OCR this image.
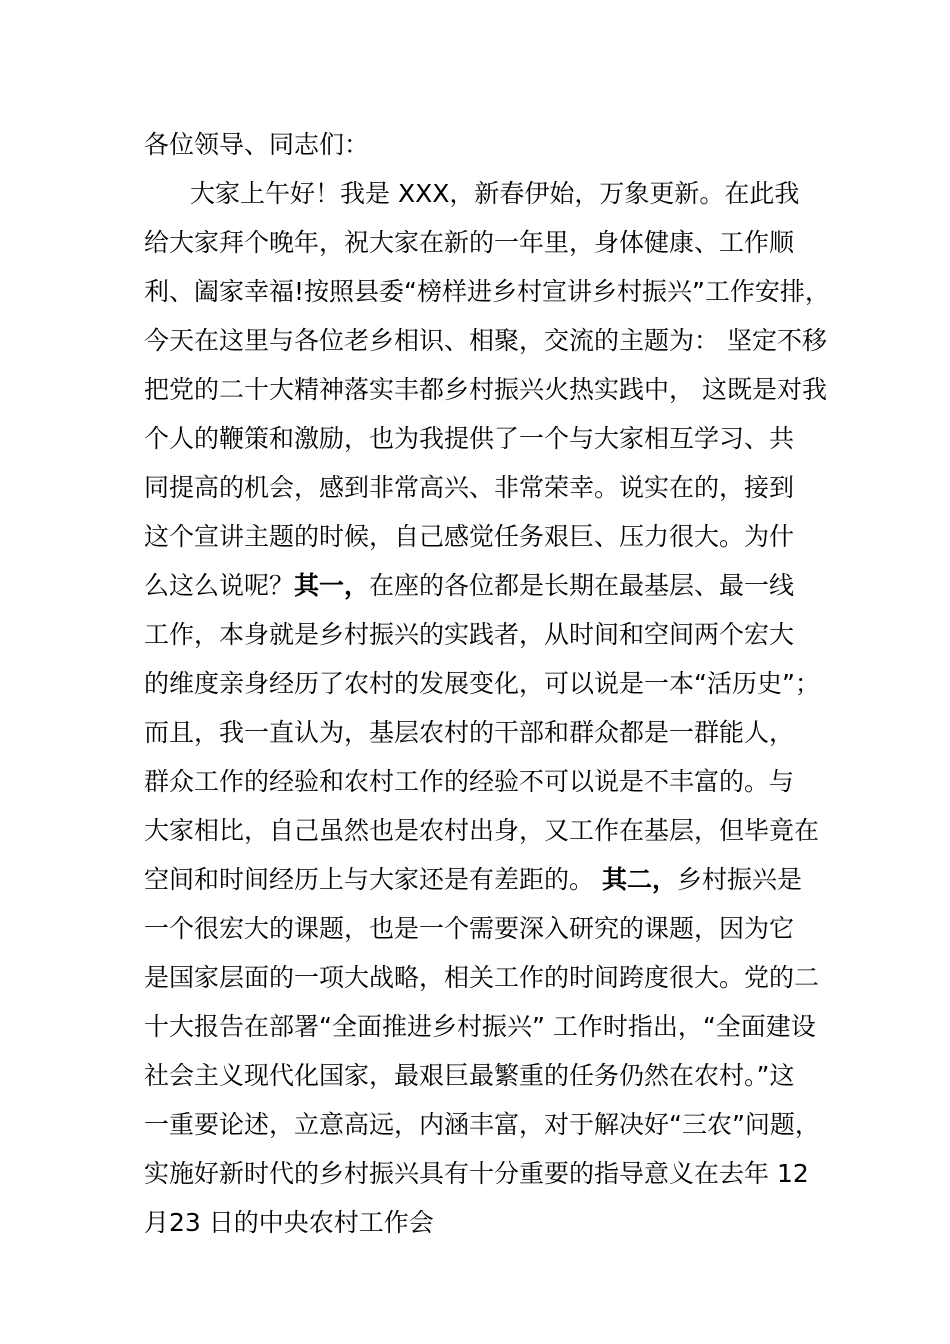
各位领导、同志们：
大家上午好！我是 XXX，新春伊始，万象更新。在此我
给大家拜个晚年，祝大家在新的一年里，身体健康、工作顺
利、阖家幸福!按照县委“榜样进乡村宣讲乡村振兴”工作安排，
今天在这里与各位老乡相识、相聚，交流的主题为： 坚定不移
把党的二十大精神落实丰都乡村振兴火热实践中， 这既是对我
个人的鞭策和激励，也为我提供了一个与大家相互学习、共
同提高的机会，感到非常高兴、非常荣幸。说实在的，接到
这个宣讲主题的时候，自己感觉任务艰巨、压力很大。为什
么这么说呢？其一，在座的各位都是长期在最基层、最一线
工作，本身就是乡村振兴的实践者，从时间和空间两个宏大
的维度亲身经历了农村的发展变化，可以说是一本“活历史”；
而且，我一直认为，基层农村的干部和群众都是一群能人，
群众工作的经验和农村工作的经验不可以说是不丰富的。与
大家相比，自己虽然也是农村出身，又工作在基层，但毕竟在
空间和时间经历上与大家还是有差距的。 其二，乡村振兴是
一个很宏大的课题，也是一个需要深入研究的课题，因为它
是国家层面的一项大战略，相关工作的时间跨度很大。党的二
十大报告在部署“全面推进乡村振兴” 工作时指出，“全面建设
社会主义现代化国家，最艰巨最繁重的任务仍然在农村。”这
一重要论述，立意高远，内涵丰富，对于解决好“三农”问题，
实施好新时代的乡村振兴具有十分重要的指导意义在去年 12
月23 日的中央农村工作会
